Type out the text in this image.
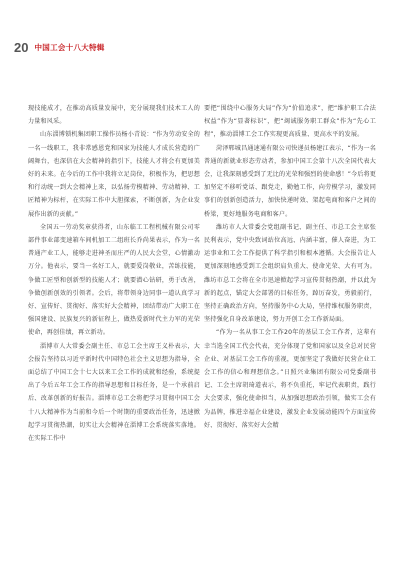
20 中国工会十八大特辑

现技能成才，在推动高质量发展中，充分展现我们技术工人的力量和风采。

山东淄博锁机集团职工操作员杨小青说：“作为劳动安全的一名一线职工，我非常感恩党和国家为技能人才成长营造的广阔舞台，也深信在大会精神的指引下，技能人才将会有更加美好的未来。在今后的工作中我将立足岗位，积极作为，把思想和行动统一到大会精神上来，以弘扬劳模精神、劳动精神、工匠精神为标杆，在实际工作中大胆探索，不断创新，为企业发展作出新的贡献。”

全国五一劳动奖章获得者，山东临工工程机械有限公司零部件事业部变速箱车间机加工二组班长乔尚果表示，作为一名普通产业工人，能够走进神圣而庄严的人民大会堂，心情激动万分。他表示，要当一名好工人，就要爱岗敬业，苦练技能，争做工匠型和创新型的技能人才；就要潜心钻研，勇于改善，争做创新创效的引领者。会后，将带领身边同事一道认真学习好、宣传好、贯彻好、落实好大会精神，团结带动广大职工在强国建设、民族复兴的新征程上，做热爱新时代主力军的光荣使命，再创佳绩，再立新功。

淄博市人大常委会副主任、市总工会主席王义朴表示，大会报告坚持以习近平新时代中国特色社会主义思想为指导，全面总结了中国工会十七大以来工会工作的成就和经验，系统提出了今后五年工会工作的指导思想和目标任务，是一个承前启后、改革创新的好报告。淄博市总工会将把学习贯彻中国工会十八大精神作为当前和今后一个时期的重要政治任务，迅速掀起学习贯彻热潮，切实让大会精神在淄博工会系统落实落地。在实际工作中

要把“围绕中心服务大局”作为“价值追求”，把“维护职工合法权益”作为“显著标识”，把“竭诚服务职工群众”作为“先心工程”，推动淄博工会工作实现更高质量、更高水平的发展。

菏泽郓城昌通速通有限公司快递员杨建江表示，“作为一名普通的新就业形态劳动者，参加中国工会第十八次全国代表大会，让我深刻感受到了无比的光荣和强烈的使命感！”今后将更加坚定不移听党话、跟党走，勤勉工作，向劳模学习，激发同事们的创新创造活力，加快快递时效、架起电商和客户之间的桥梁，更好地服务电商和客户。

潍坊市人大常委会党组副书记、副主任、市总工会主席张民利表示，党中央致词站位高远、内涵丰富，催人奋进，为工运事业和工会工作提供了科学指引和根本遵循。大会报告让人更加深刻地感受到工会组织肩负重大、使命光荣、大有可为。潍坊市总工会将在全市迅速掀起学习宣传贯彻热潮，并以此为新的起点，锚定大会部署的目标任务，踔厉奋发，勇毅前行，坚持正确政治方向，坚持服务中心大局，坚持维权服务职责，坚持强化自身改革建设，努力开创工会工作新局面。

“作为一名从事工会工作20年的基层工会工作者，这辈有幸当选全国工代会代表，充分体现了党和国家以及全总对民营企业、对基层工会工作的重视，更加坚定了我做好民营企业工会工作的信心和理想信念。”日照兴业集团有限公司党委副书记、工会主席胡琦道表示，将不负重托，牢记代表职责，践行大会要求，强化使命担当，从加强思想政治引领，做实工会有为品牌，推进幸福企业建设，激发企业发展动能四个方面宣传好、贯彻好、落实好大会精
